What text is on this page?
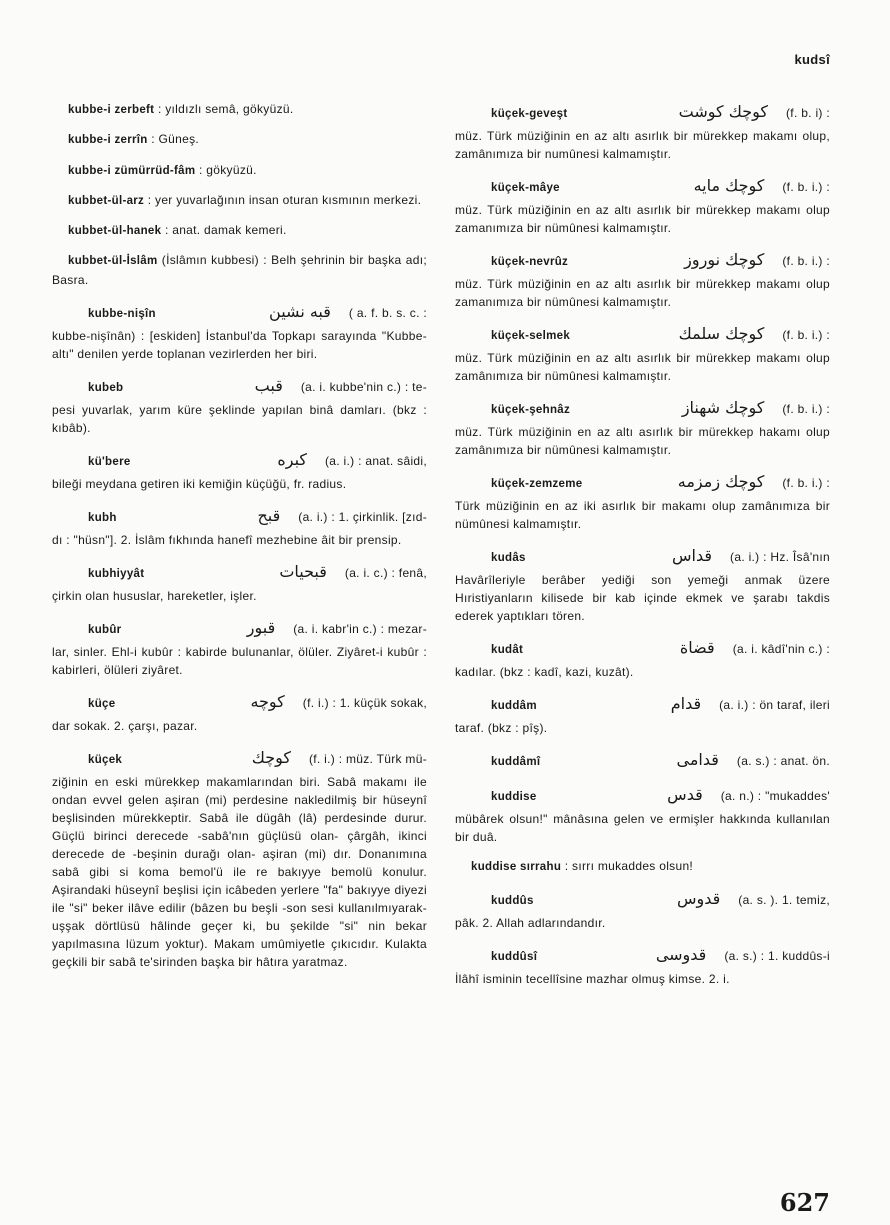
kudsî
kubbe-i zerbeft : yıldızlı semâ, gökyüzü.
kubbe-i zerrîn : Güneş.
kubbe-i zümürrüd-fâm : gökyüzü.
kubbet-ül-arz : yer yuvarlağının insan oturan kısmının merkezi.
kubbet-ül-hanek : anat. damak kemeri.
kubbet-ül-İslâm (İslâmın kubbesi) : Belh şehrinin bir başka adı; Basra.
kubbe-nişîn	قبه نشين	( a. f. b. s. c. :
kubbe-nişînân) : [eskiden] İstanbul'da Topkapı sarayında "Kubbe-altı" denilen yerde toplanan vezirlerden her biri.
kubeb	قبب	(a. i. kubbe'nin c.) : te-
pesi yuvarlak, yarım küre şeklinde yapılan binâ damları. (bkz : kıbâb).
kü'bere	كبره	(a. i.) : anat. sâidi,
bileği meydana getiren iki kemiğin küçüğü, fr. radius.
kubh	قبح	(a. i.) : 1. çirkinlik. [zıd-
dı : "hüsn"]. 2. İslâm fıkhında hanefî mezhebine âit bir prensip.
kubhiyyât	قبحيات	(a. i. c.) : fenâ,
çirkin olan hususlar, hareketler, işler.
kubûr	قبور	(a. i. kabr'in c.) : mezar-
lar, sinler. Ehl-i kubûr : kabirde bulunanlar, ölüler. Ziyâret-i kubûr : kabirleri, ölüleri ziyâret.
küçe	كوچه	(f. i.) : 1. küçük sokak,
dar sokak. 2. çarşı, pazar.
küçek	كوچك	(f. i.) : müz. Türk mü-
ziğinin en eski mürekkep makamlarından biri. Sabâ makamı ile ondan evvel gelen aşiran (mi) perdesine nakledilmiş bir hüseynî beşlisinden mürekkeptir. Sabâ ile dügâh (lâ) perdesinde durur. Güçlü birinci derecede -sabâ'nın güçlüsü olan- çârgâh, ikinci derecede de -beşinin durağı olan- aşiran (mi) dır. Donanımına sabâ gibi si koma bemol'ü ile re bakıyye bemolü konulur. Aşirandaki hüseynî beşlisi için icâbeden yerlere "fa" bakıyye diyezi ile "si" beker ilâve edilir (bâzen bu beşli -son sesi kullanılmıyarak- uşşak dörtlüsü hâlinde geçer ki, bu şekilde "si" nin bekar yapılmasına lüzum yoktur). Makam umûmiyetle çıkıcıdır. Kulakta geçkili bir sabâ te'sirinden başka bir hâtıra yaratmaz.
küçek-geveşt	كوچك كوشت	(f. b. i) :
müz. Türk müziğinin en az altı asırlık bir mürekkep makamı olup, zamânımıza bir numûnesi kalmamıştır.
küçek-mâye	كوچك مايه	(f. b. i.) :
müz. Türk müziğinin en az altı asırlık bir mürekkep makamı olup zamanımıza bir nümûnesi kalmamıştır.
küçek-nevrûz	كوچك نوروز	(f. b. i.) :
müz. Türk müziğinin en az altı asırlık bir mürekkep makamı olup zamanımıza bir nümûnesi kalmamıştır.
küçek-selmek	كوچك سلمك	(f. b. i.) :
müz. Türk müziğinin en az altı asırlık bir mürekkep makamı olup zamânımıza bir nümûnesi kalmamıştır.
küçek-şehnâz	كوچك شهناز	(f. b. i.) :
müz. Türk müziğinin en az altı asırlık bir mürekkep hakamı olup zamânımıza bir nümûnesi kalmamıştır.
küçek-zemzeme	كوچك زمزمه	(f. b. i.) :
Türk müziğinin en az iki asırlık bir makamı olup zamânımıza bir nümûnesi kalmamıştır.
kudâs	قداس	(a. i.) : Hz. Îsâ'nın
Havârîleriyle berâber yediği son yemeği anmak üzere Hıristiyanların kilisede bir kab içinde ekmek ve şarabı takdis ederek yaptıkları tören.
kudât	قضاة	(a. i. kâdî'nin c.) :
kadılar. (bkz : kadî, kazi, kuzât).
kuddâm	قدام	(a. i.) : ön taraf, ileri
taraf. (bkz : pîş).
kuddâmî	قدامى	(a. s.) : anat. ön.
kuddise	قدس	(a. n.) : "mukaddes'
mübârek olsun!" mânâsına gelen ve ermişler hakkında kullanılan bir duâ.
kuddise sırrahu : sırrı mukaddes olsun!
kuddûs	قدوس	(a. s. ). 1. temiz,
pâk. 2. Allah adlarındandır.
kuddûsî	قدوسى	(a. s.) : 1. kuddûs-i
İlâhî isminin tecellîsine mazhar olmuş kimse. 2. i.
627
